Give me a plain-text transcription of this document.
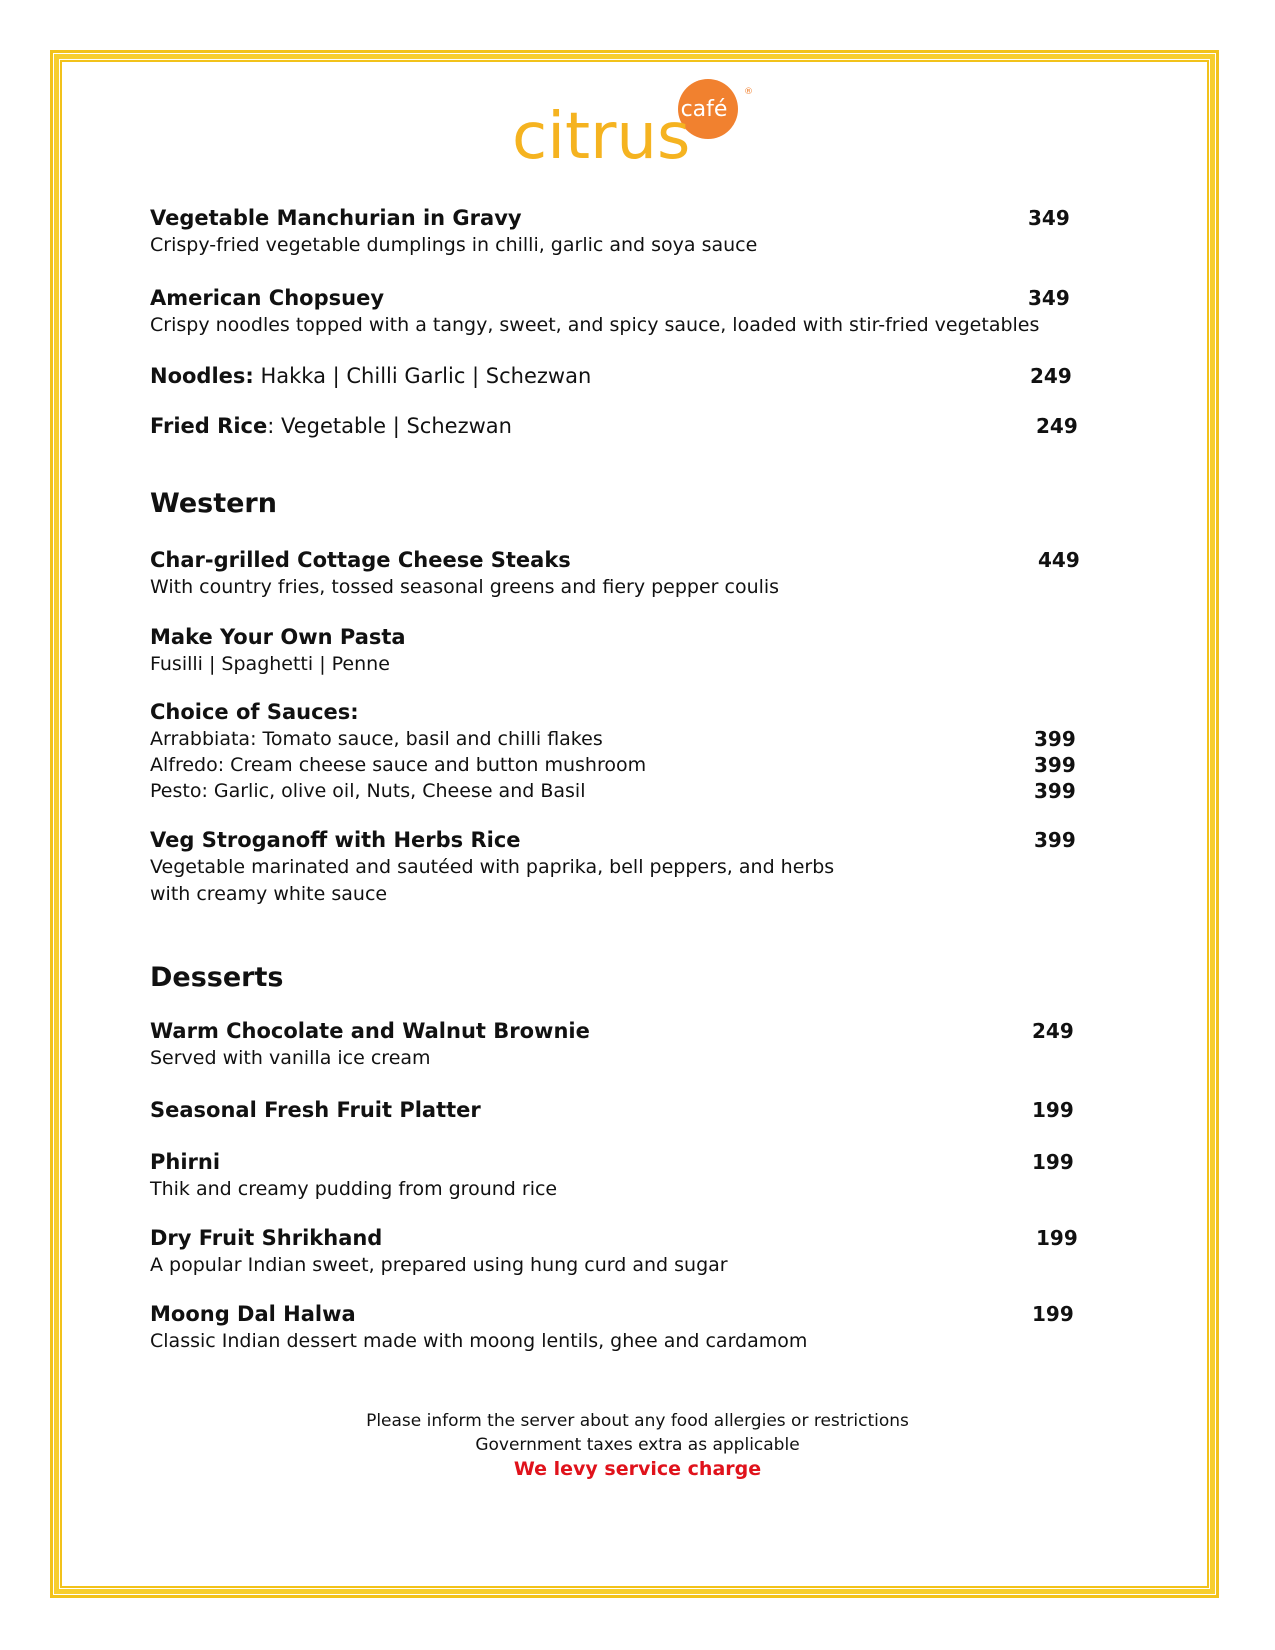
café
®
citrus
Vegetable Manchurian in Gravy	349
Crispy-fried vegetable dumplings in chilli, garlic and soya sauce
American Chopsuey	349
Crispy noodles topped with a tangy, sweet, and spicy sauce, loaded with stir-fried vegetables
Noodles: Hakka | Chilli Garlic | Schezwan	249
Fried Rice: Vegetable | Schezwan	249
Western
Char-grilled Cottage Cheese Steaks	449
With country fries, tossed seasonal greens and fiery pepper coulis
Make Your Own Pasta
Fusilli | Spaghetti | Penne
Choice of Sauces:
Arrabbiata: Tomato sauce, basil and chilli flakes	399
Alfredo: Cream cheese sauce and button mushroom	399
Pesto: Garlic, olive oil, Nuts, Cheese and Basil	399
Veg Stroganoff with Herbs Rice	399
Vegetable marinated and sautéed with paprika, bell peppers, and herbs
with creamy white sauce
Desserts
Warm Chocolate and Walnut Brownie	249
Served with vanilla ice cream
Seasonal Fresh Fruit Platter	199
Phirni	199
Thik and creamy pudding from ground rice
Dry Fruit Shrikhand	199
A popular Indian sweet, prepared using hung curd and sugar
Moong Dal Halwa	199
Classic Indian dessert made with moong lentils, ghee and cardamom
Please inform the server about any food allergies or restrictions
Government taxes extra as applicable
We levy service charge
